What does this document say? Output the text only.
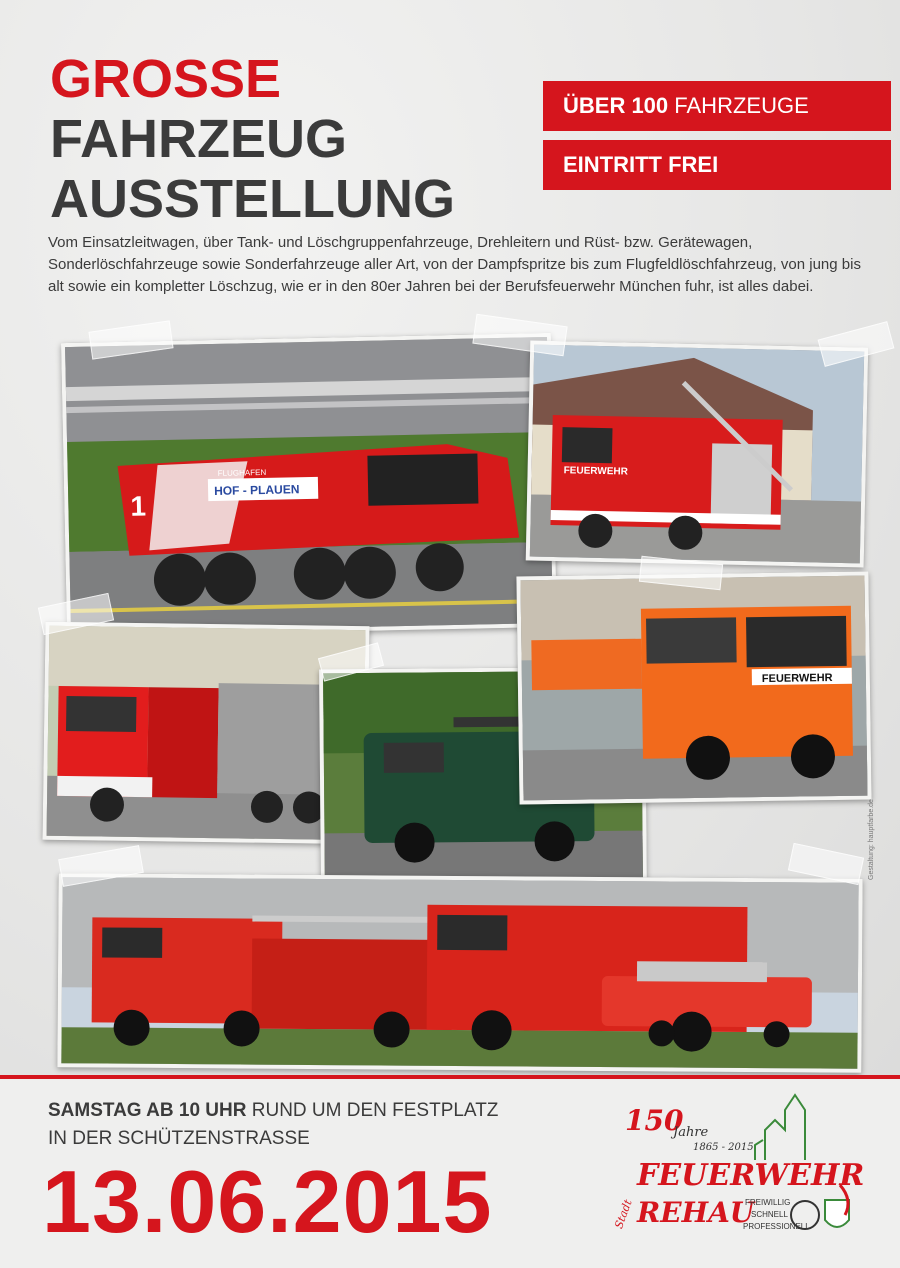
GROSSE
FAHRZEUG
AUSSTELLUNG
ÜBER 100 FAHRZEUGE
EINTRITT FREI

Vom Einsatzleitwagen, über Tank- und Löschgruppenfahrzeuge, Drehleitern und Rüst- bzw. Gerätewagen, Sonderlöschfahrzeuge sowie Sonderfahrzeuge aller Art, von der Dampfspritze bis zum Flugfeldlöschfahrzeug, von jung bis alt sowie ein kompletter Löschzug, wie er in den 80er Jahren bei der Berufsfeuerwehr München fuhr, ist alles dabei.

1
FLUGHAFEN
HOF - PLAUEN
FEUERWEHR
FEUERWEHR
Gestaltung: hauptfarbe.de

SAMSTAG AB 10 UHR RUND UM DEN FESTPLATZ

IN DER SCHÜTZENSTRASSE

13.06.2015

150
Jahre
1865 - 2015
Stadt
FEUERWEHR
REHAU
FREIWILLIG
SCHNELL
PROFESSIONELL
